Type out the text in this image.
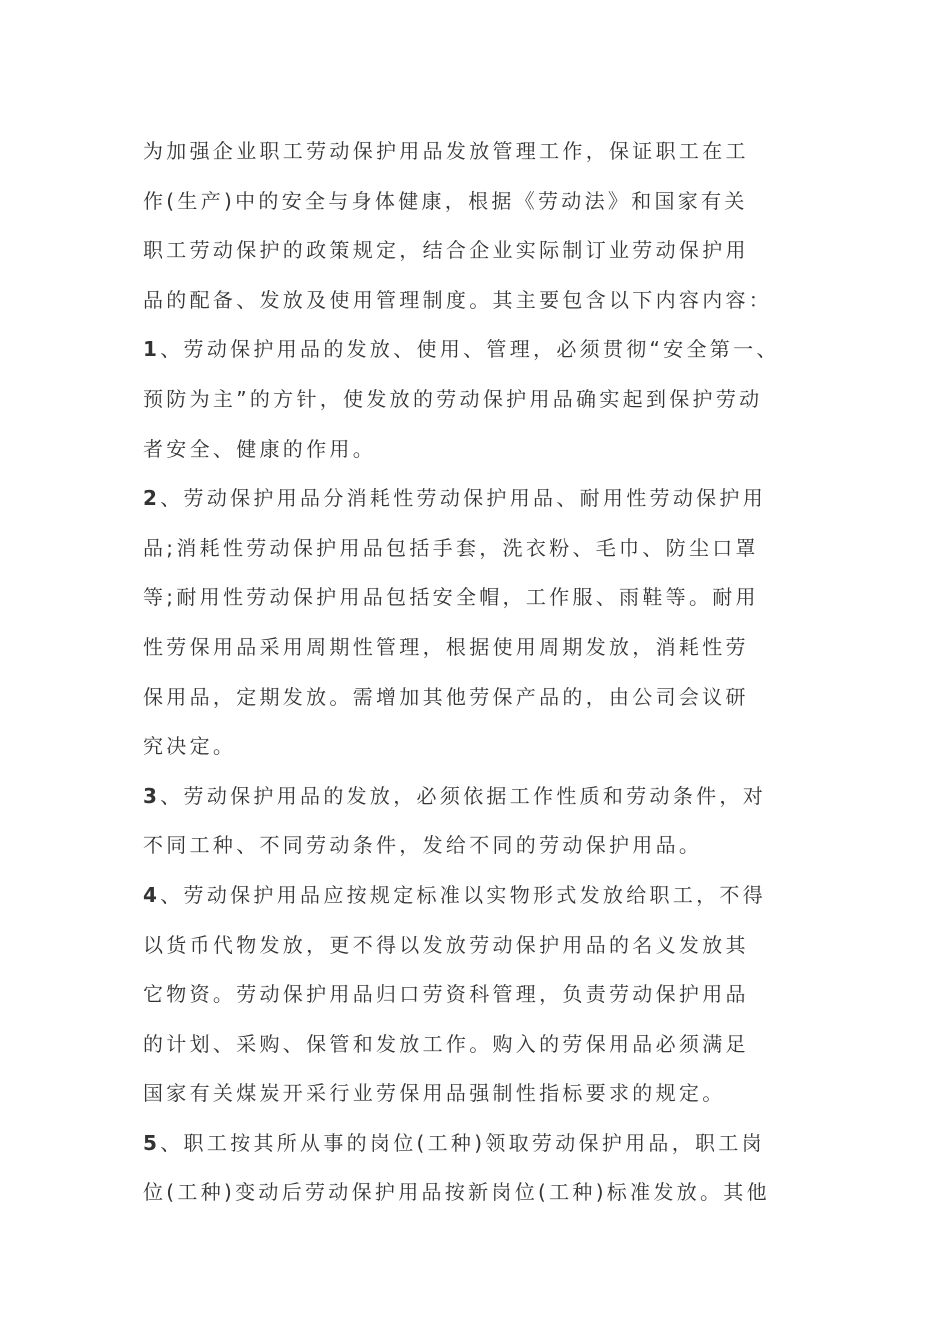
为加强企业职工劳动保护用品发放管理工作，保证职工在工
作(生产)中的安全与身体健康，根据《劳动法》和国家有关
职工劳动保护的政策规定，结合企业实际制订业劳动保护用
品的配备、发放及使用管理制度。其主要包含以下内容内容：
1、劳动保护用品的发放、使用、管理，必须贯彻“安全第一、
预防为主”的方针，使发放的劳动保护用品确实起到保护劳动
者安全、健康的作用。
2、劳动保护用品分消耗性劳动保护用品、耐用性劳动保护用
品;消耗性劳动保护用品包括手套，洗衣粉、毛巾、防尘口罩
等;耐用性劳动保护用品包括安全帽，工作服、雨鞋等。耐用
性劳保用品采用周期性管理，根据使用周期发放，消耗性劳
保用品，定期发放。需增加其他劳保产品的，由公司会议研
究决定。
3、劳动保护用品的发放，必须依据工作性质和劳动条件，对
不同工种、不同劳动条件，发给不同的劳动保护用品。
4、劳动保护用品应按规定标准以实物形式发放给职工，不得
以货币代物发放，更不得以发放劳动保护用品的名义发放其
它物资。劳动保护用品归口劳资科管理，负责劳动保护用品
的计划、采购、保管和发放工作。购入的劳保用品必须满足
国家有关煤炭开采行业劳保用品强制性指标要求的规定。
5、职工按其所从事的岗位(工种)领取劳动保护用品，职工岗
位(工种)变动后劳动保护用品按新岗位(工种)标准发放。其他
